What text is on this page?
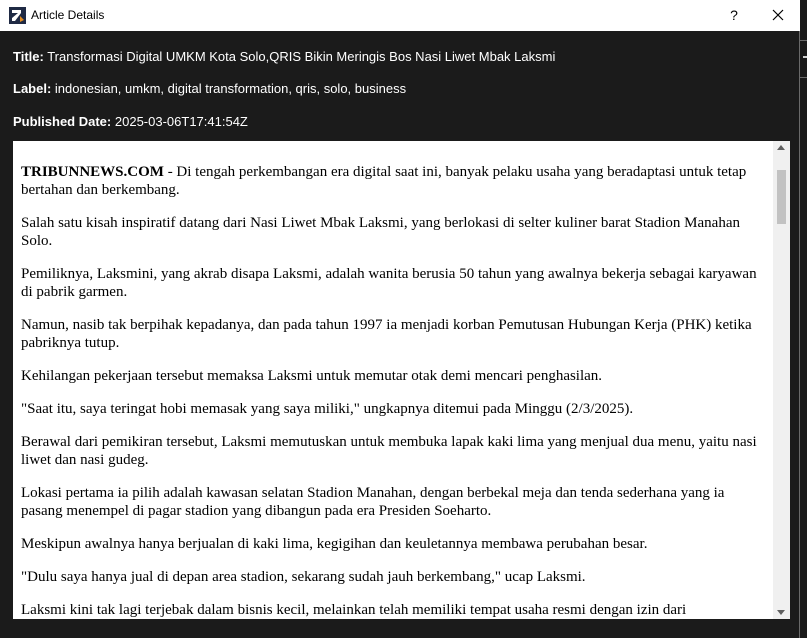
Article Details	?
Title: Transformasi Digital UMKM Kota Solo,QRIS Bikin Meringis Bos Nasi Liwet Mbak Laksmi
Label: indonesian, umkm, digital transformation, qris, solo, business
Published Date: 2025-03-06T17:41:54Z

TRIBUNNEWS.COM - Di tengah perkembangan era digital saat ini, banyak pelaku usaha yang beradaptasi untuk tetap bertahan dan berkembang.

Salah satu kisah inspiratif datang dari Nasi Liwet Mbak Laksmi, yang berlokasi di selter kuliner barat Stadion Manahan Solo.

Pemiliknya, Laksmini, yang akrab disapa Laksmi, adalah wanita berusia 50 tahun yang awalnya bekerja sebagai karyawan di pabrik garmen.

Namun, nasib tak berpihak kepadanya, dan pada tahun 1997 ia menjadi korban Pemutusan Hubungan Kerja (PHK) ketika pabriknya tutup.

Kehilangan pekerjaan tersebut memaksa Laksmi untuk memutar otak demi mencari penghasilan.

"Saat itu, saya teringat hobi memasak yang saya miliki," ungkapnya ditemui pada Minggu (2/3/2025).

Berawal dari pemikiran tersebut, Laksmi memutuskan untuk membuka lapak kaki lima yang menjual dua menu, yaitu nasi liwet dan nasi gudeg.

Lokasi pertama ia pilih adalah kawasan selatan Stadion Manahan, dengan berbekal meja dan tenda sederhana yang ia pasang menempel di pagar stadion yang dibangun pada era Presiden Soeharto.

Meskipun awalnya hanya berjualan di kaki lima, kegigihan dan keuletannya membawa perubahan besar.

"Dulu saya hanya jual di depan area stadion, sekarang sudah jauh berkembang," ucap Laksmi.

Laksmi kini tak lagi terjebak dalam bisnis kecil, melainkan telah memiliki tempat usaha resmi dengan izin dari
